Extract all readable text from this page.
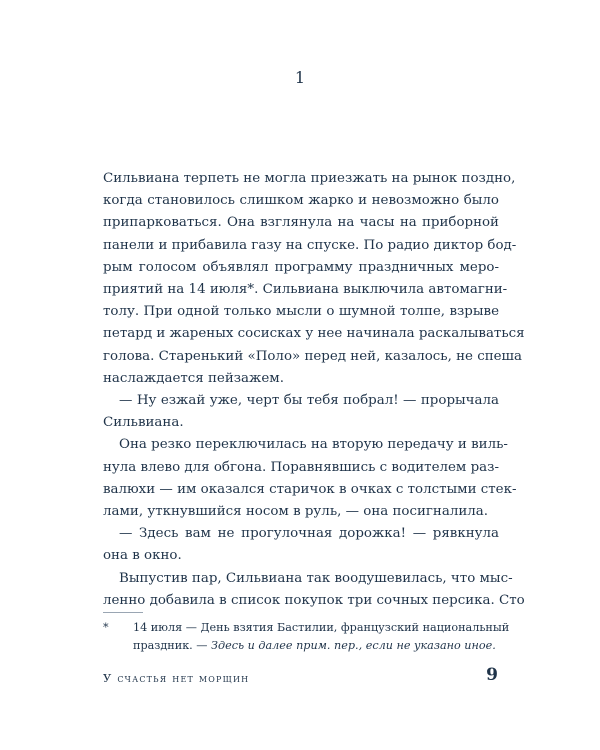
1
Сильвиана терпеть не могла приезжать на рынок поздно,
когда становилось слишком жарко и невозможно было
припарковаться. Она взглянула на часы на приборной
панели и прибавила газу на спуске. По радио диктор бод-
рым голосом объявлял программу праздничных меро-
приятий на 14 июля*. Сильвиана выключила автомагни-
толу. При одной только мысли о шумной толпе, взрыве
петард и жареных сосисках у нее начинала раскалываться
голова. Старенький «Поло» перед ней, казалось, не спеша
наслаждается пейзажем.
— Ну езжай уже, черт бы тебя побрал! — прорычала
Сильвиана.
Она резко переключилась на вторую передачу и виль-
нула влево для обгона. Поравнявшись с водителем раз-
валюхи — им оказался старичок в очках с толстыми стек-
лами, уткнувшийся носом в руль, — она посигналила.
— Здесь вам не прогулочная дорожка! — рявкнула
она в окно.
Выпустив пар, Сильвиана так воодушевилась, что мыс-
ленно добавила в список покупок три сочных персика. Сто
* 14 июля — День взятия Бастилии, французский национальный
праздник. — Здесь и далее прим. пер., если не указано иное.
У счастья нет морщин	9
